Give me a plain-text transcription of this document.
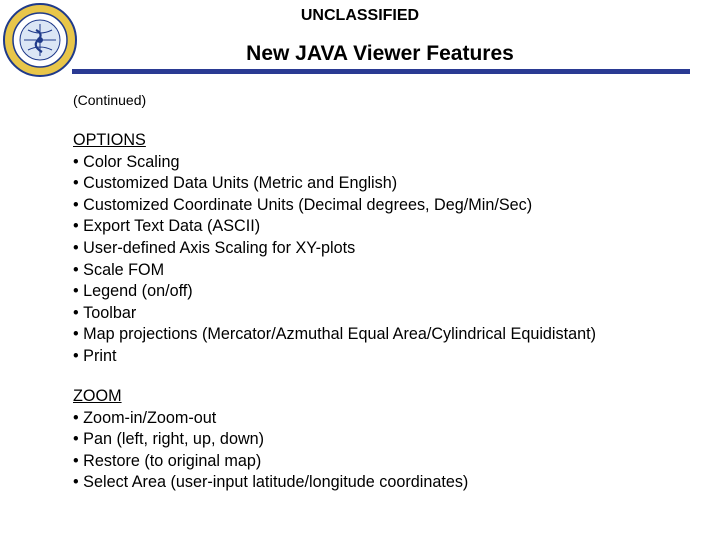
UNCLASSIFIED
New JAVA Viewer Features
(Continued)
OPTIONS
• Color Scaling
• Customized Data Units (Metric and English)
• Customized Coordinate Units (Decimal degrees, Deg/Min/Sec)
• Export Text Data (ASCII)
• User-defined Axis Scaling for XY-plots
• Scale FOM
• Legend (on/off)
• Toolbar
• Map projections (Mercator/Azmuthal Equal Area/Cylindrical Equidistant)
• Print
ZOOM
• Zoom-in/Zoom-out
• Pan (left, right, up, down)
• Restore (to original map)
• Select Area (user-input latitude/longitude coordinates)
